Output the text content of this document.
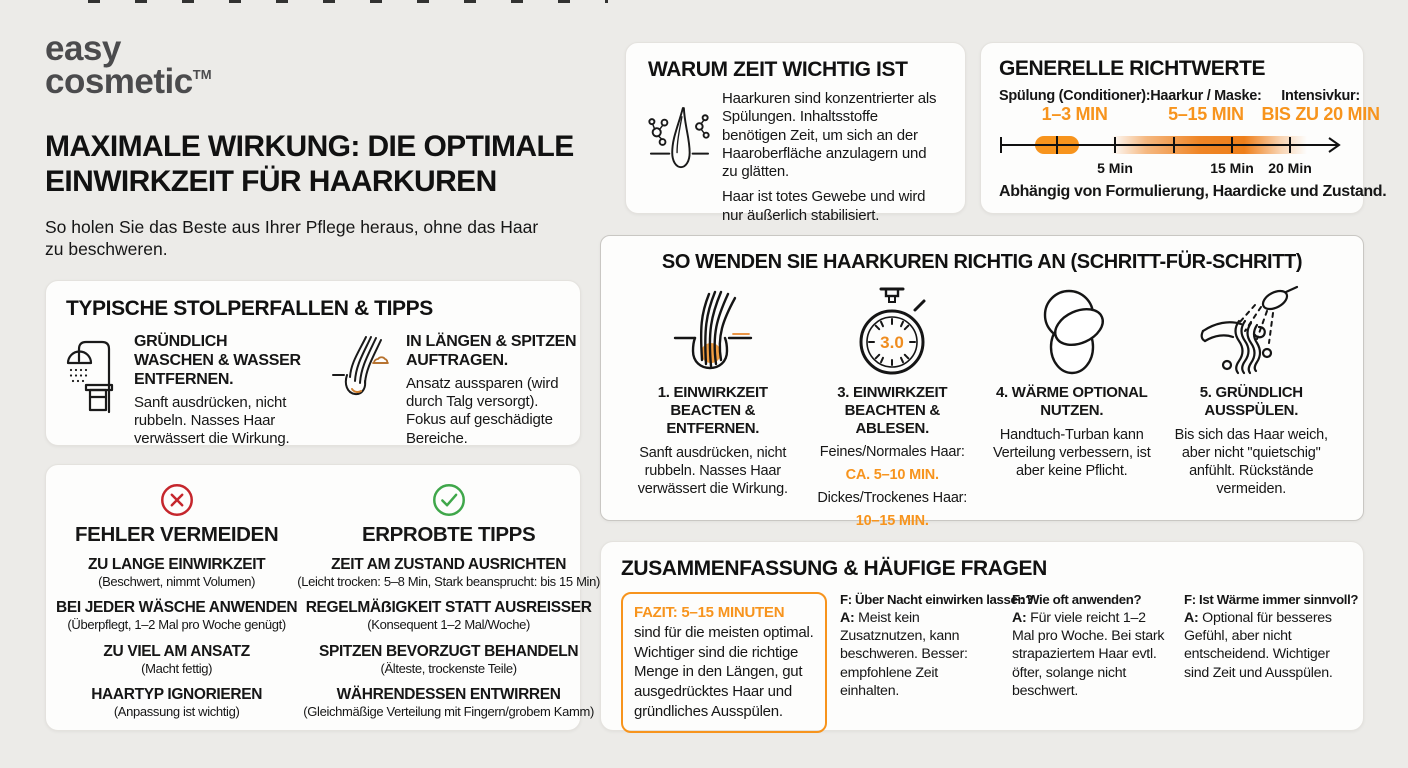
easy
cosmetic™
MAXIMALE WIRKUNG: DIE OPTIMALE EINWIRKZEIT FÜR HAARKUREN

So holen Sie das Beste aus Ihrer Pflege heraus, ohne das Haar zu beschweren.

WARUM ZEIT WICHTIG IST

Haarkuren sind konzentrierter als Spülungen. Inhaltsstoffe benötigen Zeit, um sich an der Haaroberfläche anzulagern und zu glätten.

Haar ist totes Gewebe und wird nur äußerlich stabilisiert.

GENERELLE RICHTWERTE
Spülung (Conditioner):
1–3 MIN
Haarkur / Maske:
5–15 MIN
Intensivkur:
BIS ZU 20 MIN
5 Min	15 Min 20 Min
Abhängig von Formulierung, Haardicke und Zustand.
TYPISCHE STOLPERFALLEN & TIPPS
GRÜNDLICH WASCHEN & WASSER ENTFERNEN.

Sanft ausdrücken, nicht rubbeln. Nasses Haar verwässert die Wirkung.

IN LÄNGEN & SPITZEN AUFTRAGEN.

Ansatz aussparen (wird durch Talg versorgt). Fokus auf geschädigte Bereiche.

FEHLER VERMEIDEN
ZU LANGE EINWIRKZEIT
(Beschwert, nimmt Volumen)
BEI JEDER WÄSCHE ANWENDEN
(Überpflegt, 1–2 Mal pro Woche genügt)
ZU VIEL AM ANSATZ
(Macht fettig)
HAARTYP IGNORIEREN
(Anpassung ist wichtig)
ERPROBTE TIPPS
ZEIT AM ZUSTAND AUSRICHTEN
(Leicht trocken: 5–8 Min, Stark beansprucht: bis 15 Min)
REGELMÄẞIGKEIT STATT AUSREISSER
(Konsequent 1–2 Mal/Woche)
SPITZEN BEVORZUGT BEHANDELN
(Älteste, trockenste Teile)
WÄHRENDESSEN ENTWIRREN
(Gleichmäßige Verteilung mit Fingern/grobem Kamm)
SO WENDEN SIE HAARKUREN RICHTIG AN (SCHRITT-FÜR-SCHRITT)
1. EINWIRKZEIT BEACTEN & ENTFERNEN.

Sanft ausdrücken, nicht rubbeln. Nasses Haar verwässert die Wirkung.

3.0
3. EINWIRKZEIT BEACHTEN & ABLESEN.
Feines/Normales Haar:
CA. 5–10 MIN.
Dickes/Trockenes Haar:
10–15 MIN.
4. WÄRME OPTIONAL NUTZEN.

Handtuch-Turban kann Verteilung verbessern, ist aber keine Pflicht.

5. GRÜNDLICH AUSSPÜLEN.

Bis sich das Haar weich, aber nicht "quietschig" anfühlt. Rückstände vermeiden.

ZUSAMMENFASSUNG & HÄUFIGE FRAGEN
FAZIT: 5–15 MINUTEN sind für die meisten optimal. Wichtiger sind die richtige Menge in den Längen, gut ausgedrücktes Haar und gründliches Ausspülen.
F: Über Nacht einwirken lassen?
A: Meist kein Zusatznutzen, kann beschweren. Besser: empfohlene Zeit einhalten.
F: Wie oft anwenden?
A: Für viele reicht 1–2 Mal pro Woche. Bei stark strapaziertem Haar evtl. öfter, solange nicht beschwert.
F: Ist Wärme immer sinnvoll?
A: Optional für besseres Gefühl, aber nicht entscheidend. Wichtiger sind Zeit und Ausspülen.
